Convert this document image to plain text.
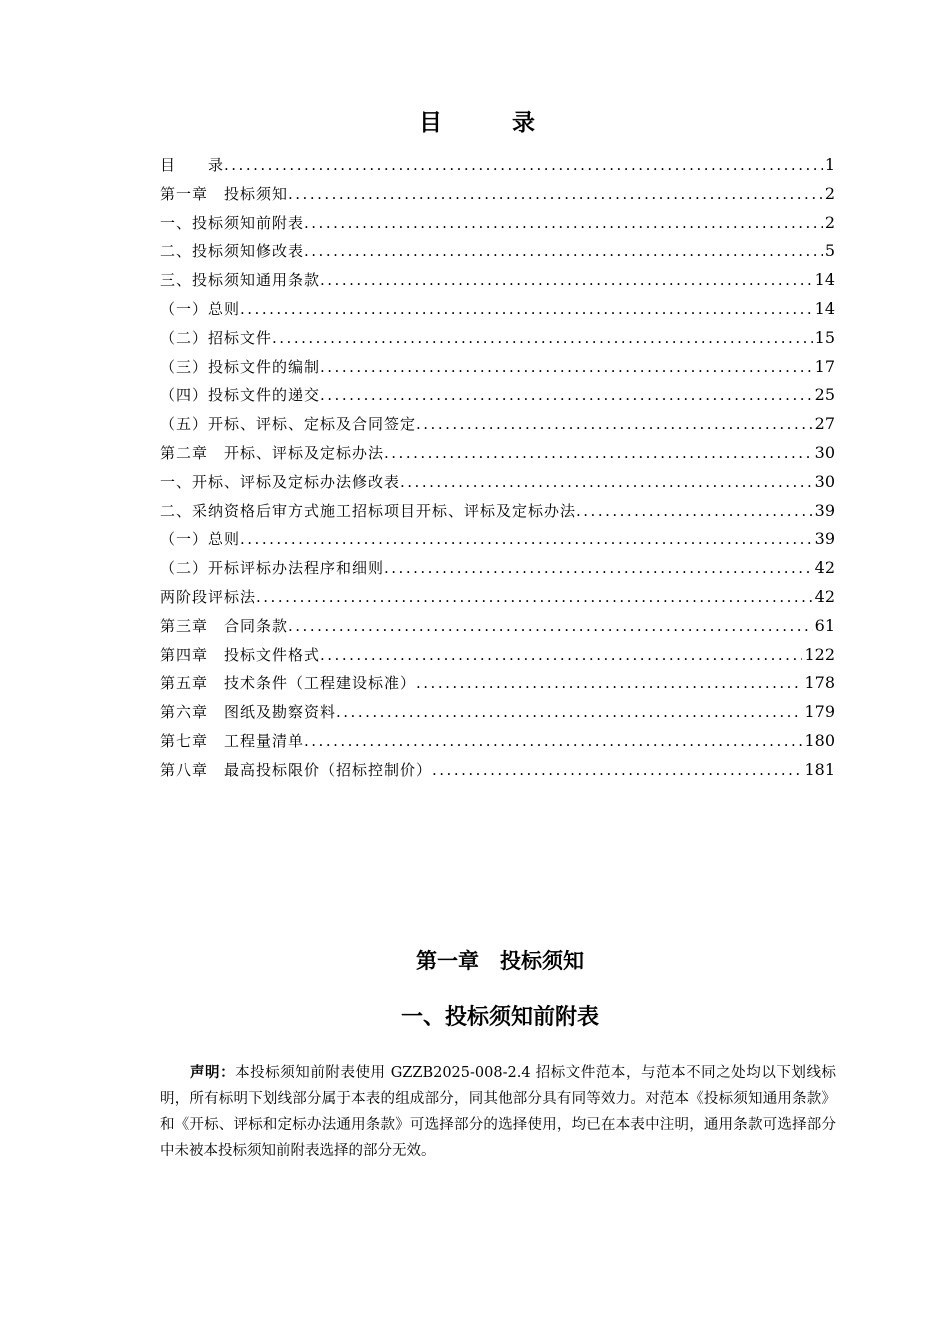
目录
目　　录 .....	1
第一章　投标须知 .....	2
一、投标须知前附表 .....	2
二、投标须知修改表 .....	5
三、投标须知通用条款 .....	14
（一）总则 .....	14
（二）招标文件 .....	15
（三）投标文件的编制 .....	17
（四）投标文件的递交 .....	25
（五）开标、评标、定标及合同签定 .....	27
第二章　开标、评标及定标办法 .....	30
一、开标、评标及定标办法修改表 .....	30
二、采纳资格后审方式施工招标项目开标、评标及定标办法 .....	39
（一）总则 .....	39
（二）开标评标办法程序和细则 .....	42
两阶段评标法 .....	42
第三章　合同条款 .....	61
第四章　投标文件格式 .....	122
第五章　技术条件（工程建设标准） .....	178
第六章　图纸及勘察资料 .....	179
第七章　工程量清单 .....	180
第八章　最高投标限价（招标控制价） .....	181
第一章　投标须知
一、投标须知前附表

声明：本投标须知前附表使用 GZZB2025-008-2.4 招标文件范本，与范本不同之处均以下划线标明，所有标明下划线部分属于本表的组成部分，同其他部分具有同等效力。对范本《投标须知通用条款》和《开标、评标和定标办法通用条款》可选择部分的选择使用，均已在本表中注明，通用条款可选择部分中未被本投标须知前附表选择的部分无效。
